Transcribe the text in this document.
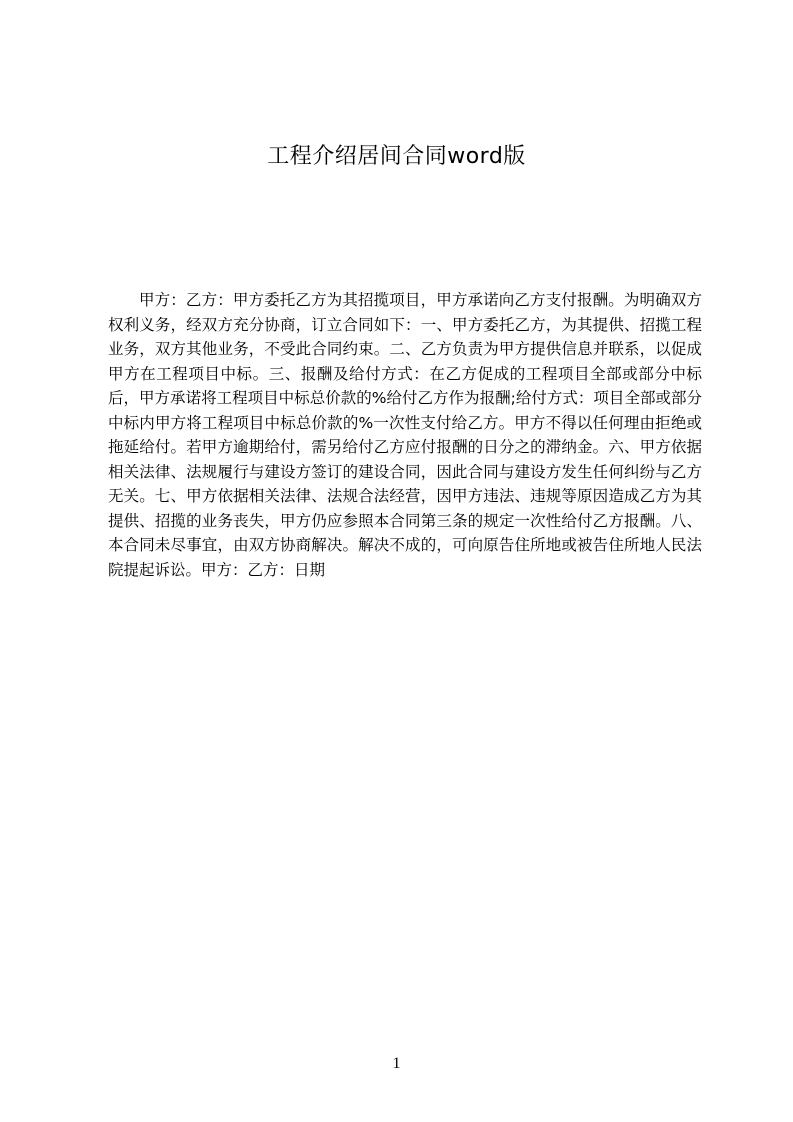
工程介绍居间合同word版

甲方：乙方：甲方委托乙方为其招揽项目，甲方承诺向乙方支付报酬。为明确双方权利义务，经双方充分协商，订立合同如下：一、甲方委托乙方，为其提供、招揽工程业务，双方其他业务，不受此合同约束。二、乙方负责为甲方提供信息并联系，以促成甲方在工程项目中标。三、报酬及给付方式：在乙方促成的工程项目全部或部分中标后，甲方承诺将工程项目中标总价款的%给付乙方作为报酬;给付方式：项目全部或部分中标内甲方将工程项目中标总价款的%一次性支付给乙方。甲方不得以任何理由拒绝或拖延给付。若甲方逾期给付，需另给付乙方应付报酬的日分之的滞纳金。六、甲方依据相关法律、法规履行与建设方签订的建设合同，因此合同与建设方发生任何纠纷与乙方无关。七、甲方依据相关法律、法规合法经营，因甲方违法、违规等原因造成乙方为其提供、招揽的业务丧失，甲方仍应参照本合同第三条的规定一次性给付乙方报酬。八、本合同未尽事宜，由双方协商解决。解决不成的，可向原告住所地或被告住所地人民法院提起诉讼。甲方：乙方：日期

1
